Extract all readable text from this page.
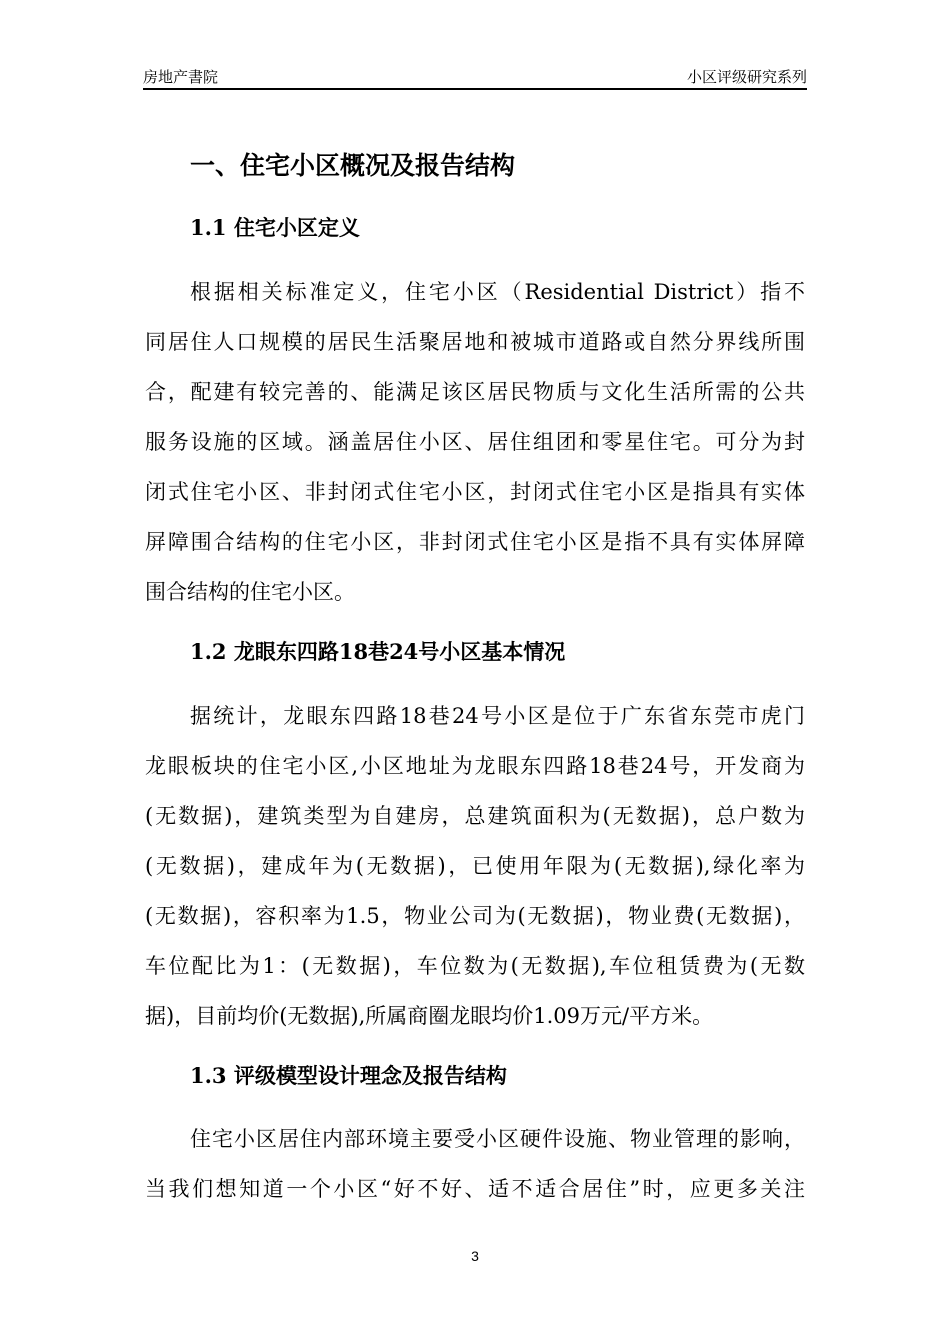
房地产書院	小区评级研究系列
一、住宅小区概况及报告结构
1.1 住宅小区定义
根据相关标准定义，住宅小区（Residential District）指不
同居住人口规模的居民生活聚居地和被城市道路或自然分界线所围
合，配建有较完善的、能满足该区居民物质与文化生活所需的公共
服务设施的区域。涵盖居住小区、居住组团和零星住宅。可分为封
闭式住宅小区、非封闭式住宅小区，封闭式住宅小区是指具有实体
屏障围合结构的住宅小区，非封闭式住宅小区是指不具有实体屏障
围合结构的住宅小区。
1.2 龙眼东四路18巷24号小区基本情况
据统计，龙眼东四路18巷24号小区是位于广东省东莞市虎门
龙眼板块的住宅小区,小区地址为龙眼东四路18巷24号，开发商为
(无数据)，建筑类型为自建房，总建筑面积为(无数据)，总户数为
(无数据)，建成年为(无数据)，已使用年限为(无数据),绿化率为
(无数据)，容积率为1.5，物业公司为(无数据)，物业费(无数据)，
车位配比为1：(无数据)，车位数为(无数据),车位租赁费为(无数
据)，目前均价(无数据),所属商圈龙眼均价1.09万元/平方米。
1.3 评级模型设计理念及报告结构
住宅小区居住内部环境主要受小区硬件设施、物业管理的影响，
当我们想知道一个小区“好不好、适不适合居住”时，应更多关注
3
